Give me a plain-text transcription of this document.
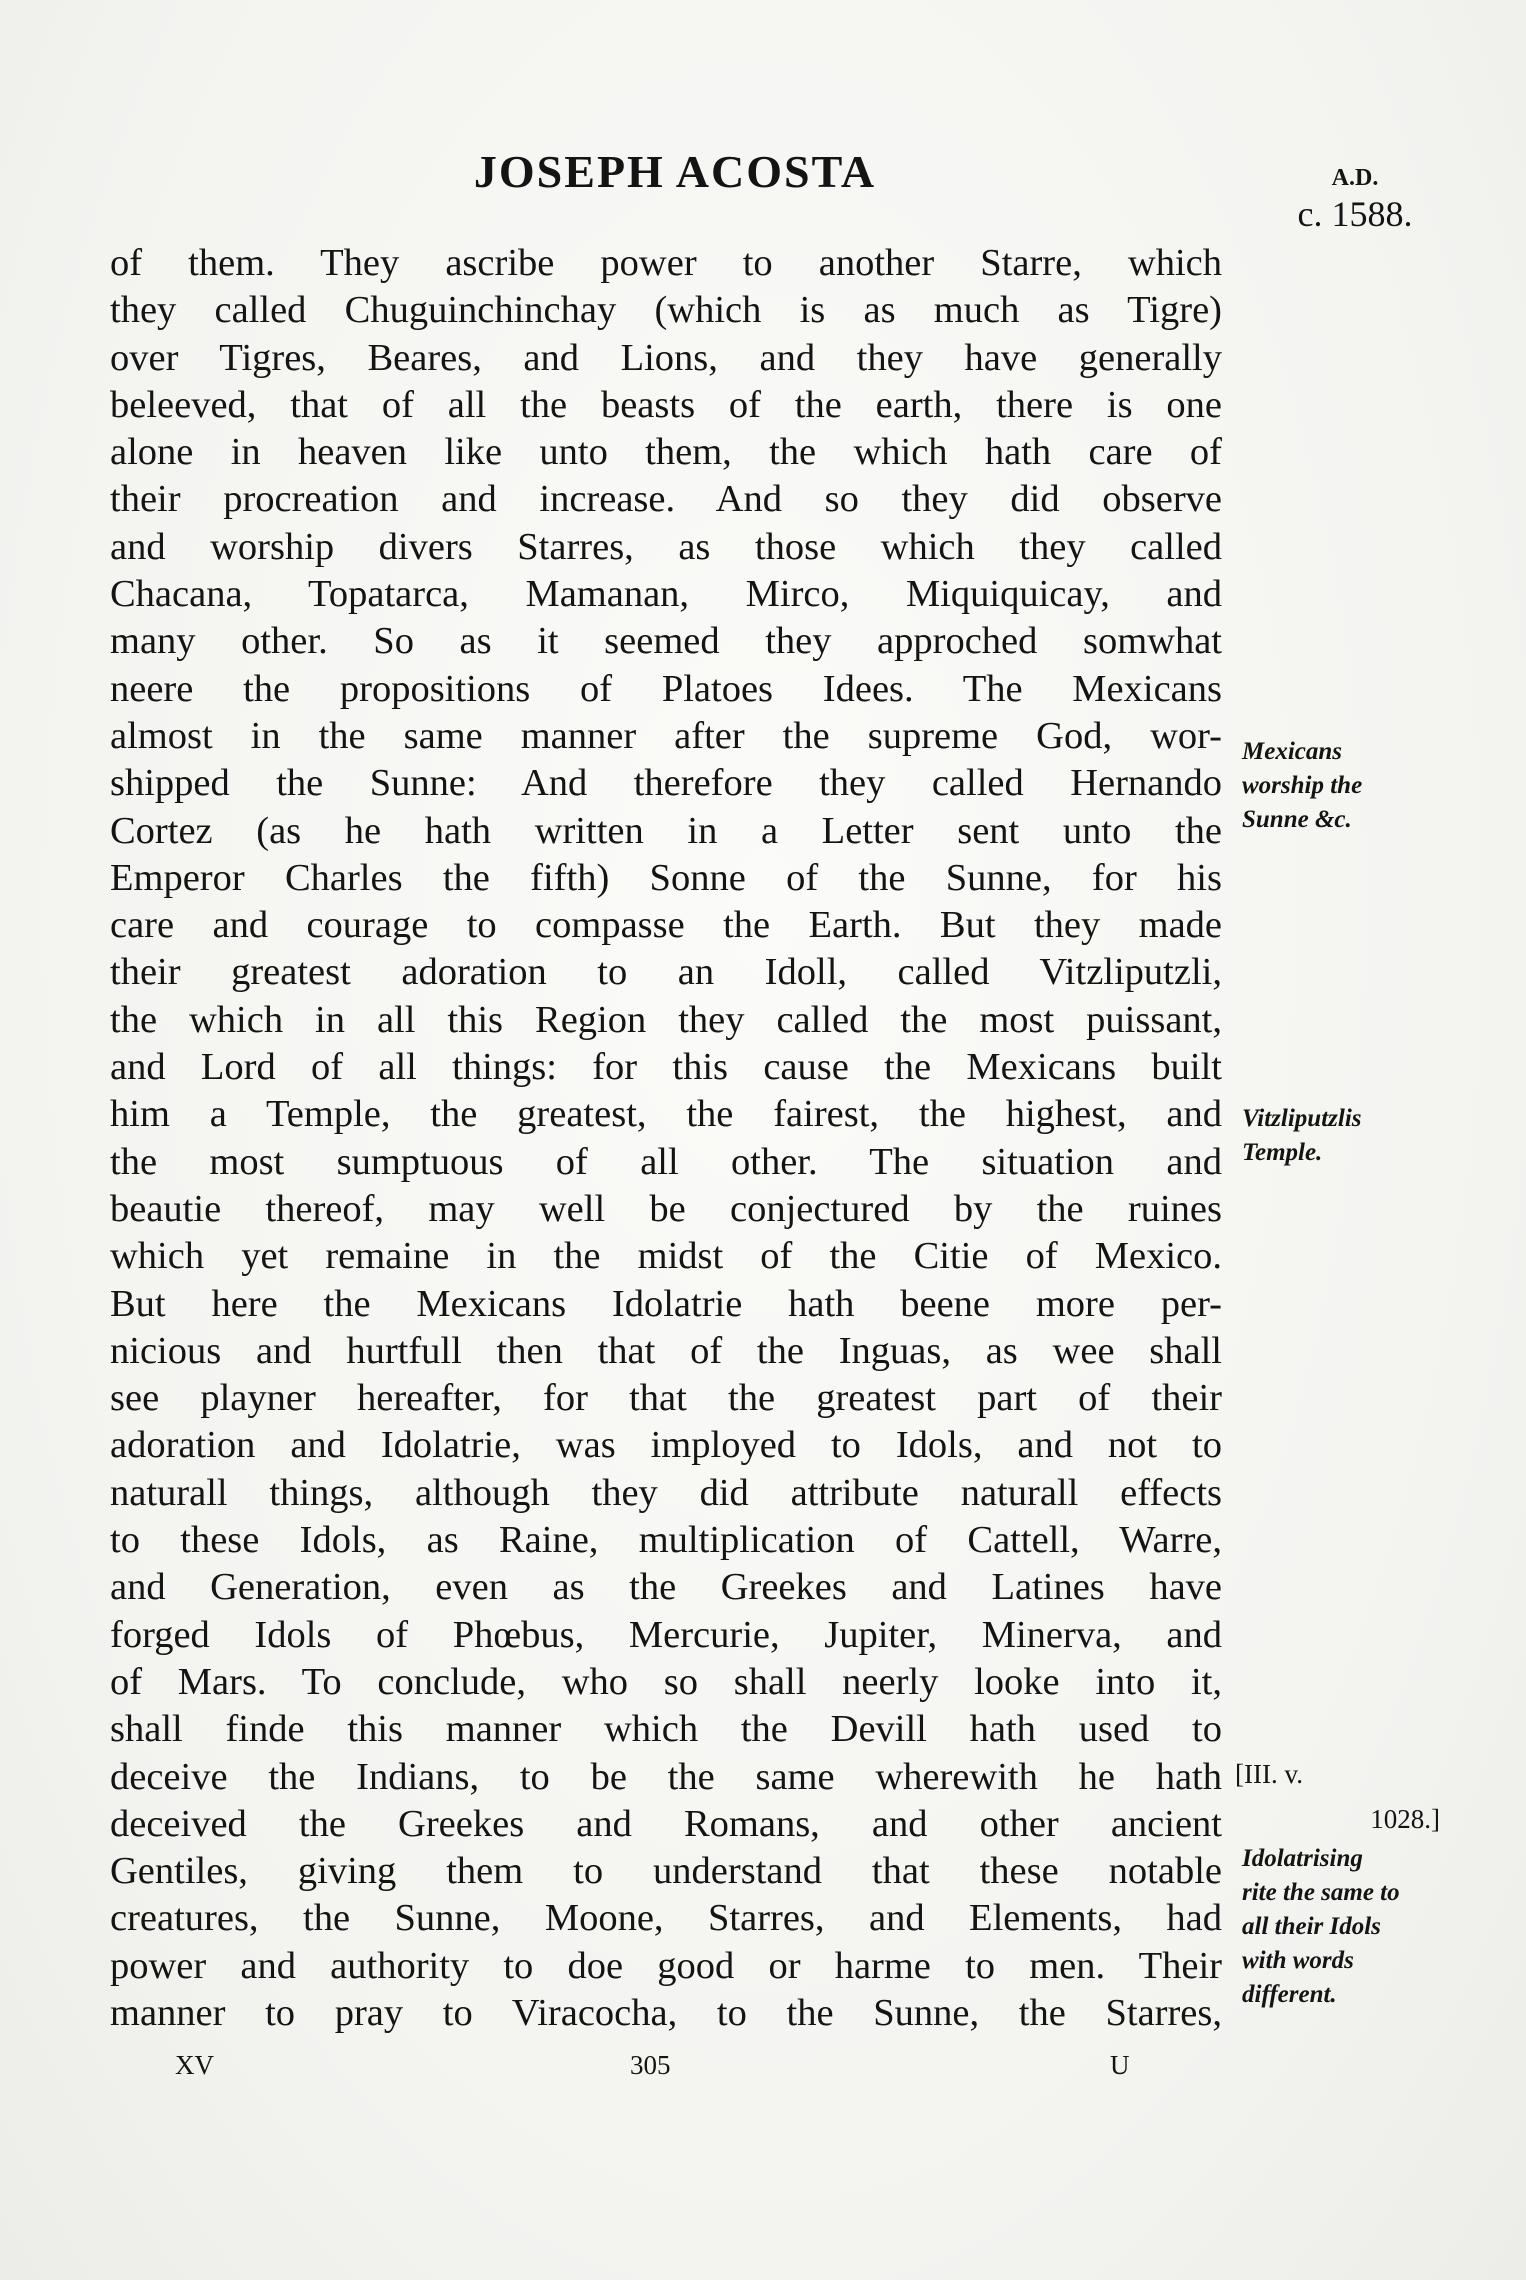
JOSEPH ACOSTA	A.D.
c. 1588.
of them. They ascribe power to another Starre, which
they called Chuguinchinchay (which is as much as Tigre)
over Tigres, Beares, and Lions, and they have generally
beleeved, that of all the beasts of the earth, there is one
alone in heaven like unto them, the which hath care of
their procreation and increase. And so they did observe
and worship divers Starres, as those which they called
Chacana, Topatarca, Mamanan, Mirco, Miquiquicay, and
many other. So as it seemed they approched somwhat
neere the propositions of Platoes Idees. The Mexicans
almost in the same manner after the supreme God, wor-
shipped the Sunne: And therefore they called Hernando
Cortez (as he hath written in a Letter sent unto the
Emperor Charles the fifth) Sonne of the Sunne, for his
care and courage to compasse the Earth. But they made
their greatest adoration to an Idoll, called Vitzliputzli,
the which in all this Region they called the most puissant,
and Lord of all things: for this cause the Mexicans built
him a Temple, the greatest, the fairest, the highest, and
the most sumptuous of all other. The situation and
beautie thereof, may well be conjectured by the ruines
which yet remaine in the midst of the Citie of Mexico.
But here the Mexicans Idolatrie hath beene more per-
nicious and hurtfull then that of the Inguas, as wee shall
see playner hereafter, for that the greatest part of their
adoration and Idolatrie, was imployed to Idols, and not to
naturall things, although they did attribute naturall effects
to these Idols, as Raine, multiplication of Cattell, Warre,
and Generation, even as the Greekes and Latines have
forged Idols of Phœbus, Mercurie, Jupiter, Minerva, and
of Mars. To conclude, who so shall neerly looke into it,
shall finde this manner which the Devill hath used to
deceive the Indians, to be the same wherewith he hath
deceived the Greekes and Romans, and other ancient
Gentiles, giving them to understand that these notable
creatures, the Sunne, Moone, Starres, and Elements, had
power and authority to doe good or harme to men. Their
manner to pray to Viracocha, to the Sunne, the Starres,
Mexicans
worship the
Sunne &c.
Vitzliputzlis
Temple.
[III. v.
1028.]
Idolatrising
rite the same to
all their Idols
with words
different.
XV	305	U
